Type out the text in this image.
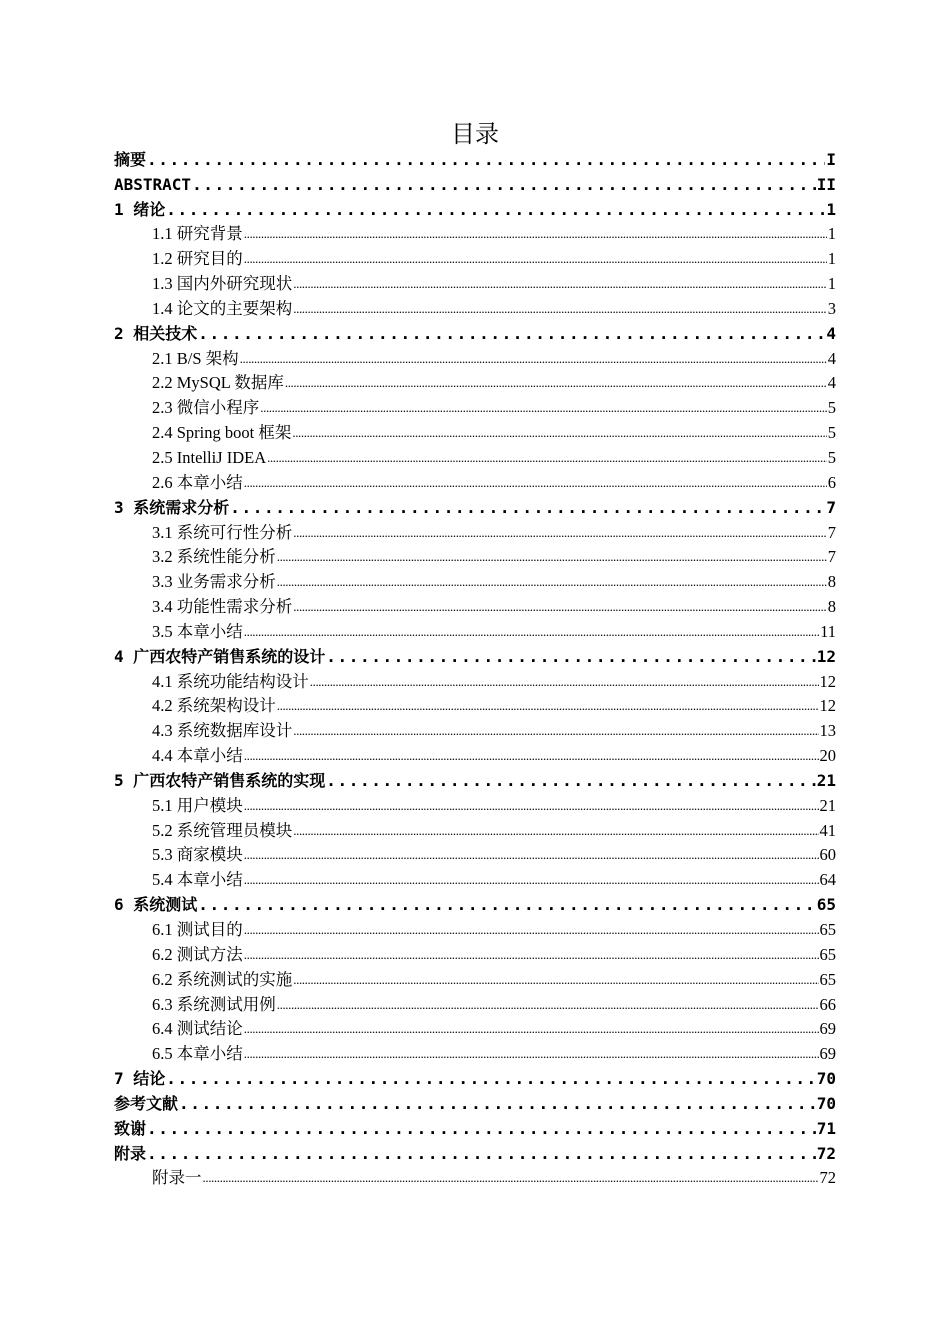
目录
摘要 .....	I
ABSTRACT .....	II
1 绪论 .....	1
1.1 研究背景 .....	1
1.2 研究目的 .....	1
1.3 国内外研究现状 .....	1
1.4 论文的主要架构 .....	3
2 相关技术 .....	4
2.1 B/S 架构 .....	4
2.2 MySQL 数据库 .....	4
2.3 微信小程序 .....	5
2.4 Spring boot 框架 .....	5
2.5 IntelliJ IDEA .....	5
2.6 本章小结 .....	6
3 系统需求分析 .....	7
3.1 系统可行性分析 .....	7
3.2 系统性能分析 .....	7
3.3 业务需求分析 .....	8
3.4 功能性需求分析 .....	8
3.5 本章小结 .....	11
4 广西农特产销售系统的设计 .....	12
4.1 系统功能结构设计 .....	12
4.2 系统架构设计 .....	12
4.3 系统数据库设计 .....	13
4.4 本章小结 .....	20
5 广西农特产销售系统的实现 .....	21
5.1 用户模块 .....	21
5.2 系统管理员模块 .....	41
5.3 商家模块 .....	60
5.4 本章小结 .....	64
6 系统测试 .....	65
6.1 测试目的 .....	65
6.2 测试方法 .....	65
6.2 系统测试的实施 .....	65
6.3 系统测试用例 .....	66
6.4 测试结论 .....	69
6.5 本章小结 .....	69
7 结论 .....	70
参考文献 .....	70
致谢 .....	71
附录 .....	72
附录一 .....	72
